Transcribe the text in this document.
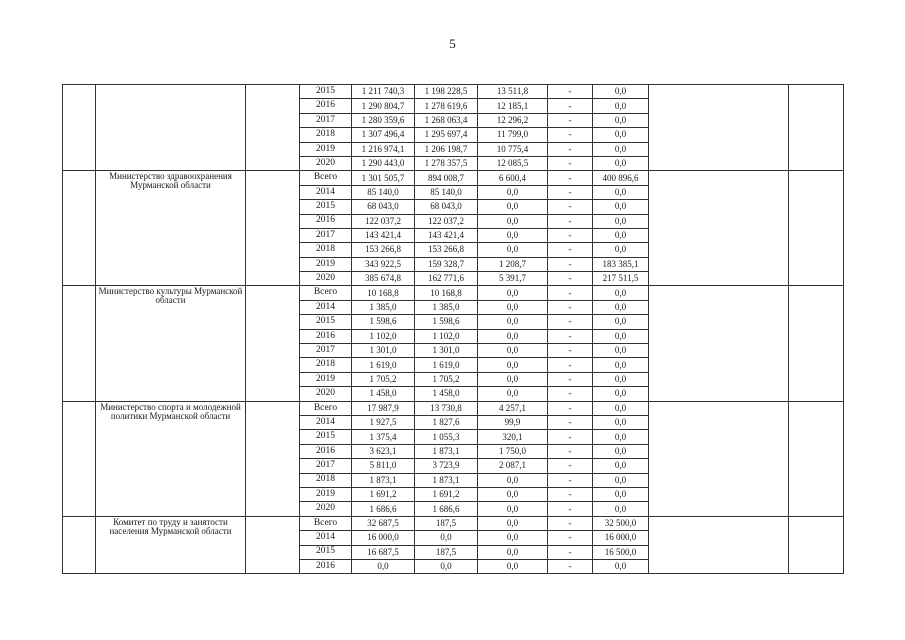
5
			2015	1 211 740,3	1 198 228,5	13 511,8	-	0,0		
			2016	1 290 804,7	1 278 619,6	12 185,1	-	0,0		
			2017	1 280 359,6	1 268 063,4	12 296,2	-	0,0		
			2018	1 307 496,4	1 295 697,4	11 799,0	-	0,0		
			2019	1 216 974,1	1 206 198,7	10 775,4	-	0,0		
			2020	1 290 443,0	1 278 357,5	12 085,5	-	0,0		
	Министерство здравоохранения Мурманской области		Всего	1 301 505,7	894 008,7	6 600,4	-	400 896,6		
			2014	85 140,0	85 140,0	0,0	-	0,0		
			2015	68 043,0	68 043,0	0,0	-	0,0		
			2016	122 037,2	122 037,2	0,0	-	0,0		
			2017	143 421,4	143 421,4	0,0	-	0,0		
			2018	153 266,8	153 266,8	0,0	-	0,0		
			2019	343 922,5	159 328,7	1 208,7	-	183 385,1		
			2020	385 674,8	162 771,6	5 391,7	-	217 511,5		
	Министерство культуры Мурманской области		Всего	10 168,8	10 168,8	0,0	-	0,0		
			2014	1 385,0	1 385,0	0,0	-	0,0		
			2015	1 598,6	1 598,6	0,0	-	0,0		
			2016	1 102,0	1 102,0	0,0	-	0,0		
			2017	1 301,0	1 301,0	0,0	-	0,0		
			2018	1 619,0	1 619,0	0,0	-	0,0		
			2019	1 705,2	1 705,2	0,0	-	0,0		
			2020	1 458,0	1 458,0	0,0	-	0,0		
	Министерство спорта и молодежной политики Мурманской области		Всего	17 987,9	13 730,8	4 257,1	-	0,0		
			2014	1 927,5	1 827,6	99,9	-	0,0		
			2015	1 375,4	1 055,3	320,1	-	0,0		
			2016	3 623,1	1 873,1	1 750,0	-	0,0		
			2017	5 811,0	3 723,9	2 087,1	-	0,0		
			2018	1 873,1	1 873,1	0,0	-	0,0		
			2019	1 691,2	1 691,2	0,0	-	0,0		
			2020	1 686,6	1 686,6	0,0	-	0,0		
	Комитет по труду и занятости населения Мурманской области		Всего	32 687,5	187,5	0,0	-	32 500,0		
			2014	16 000,0	0,0	0,0	-	16 000,0		
			2015	16 687,5	187,5	0,0	-	16 500,0		
			2016	0,0	0,0	0,0	-	0,0		
